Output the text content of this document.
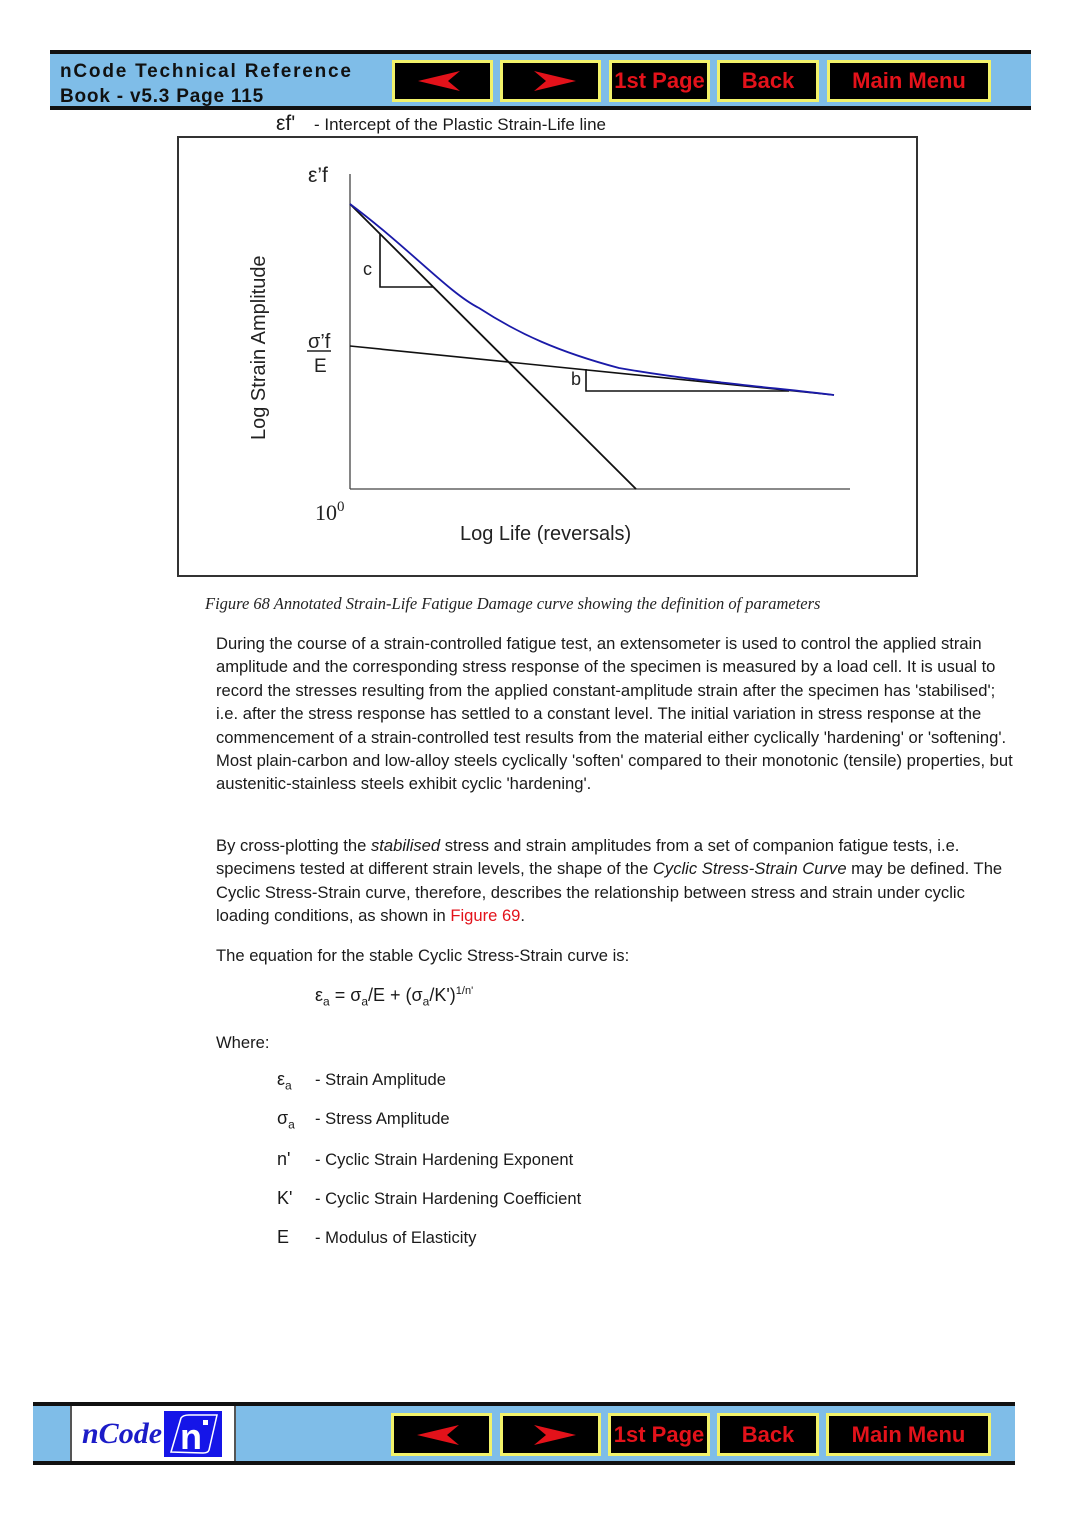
nCode Technical Reference
Book - v5.3 Page 115
1st Page	Back	Main Menu
εf' - Intercept of the Plastic Strain-Life line
ε’f
σ’f
E
c
b
$10^0$
Log Life (reversals)
Log Strain Amplitude
Figure 68 Annotated Strain-Life Fatigue Damage curve showing the definition of parameters
During the course of a strain-controlled fatigue test, an extensometer is used to control the applied strain amplitude and the corresponding stress response of the specimen is measured by a load cell. It is usual to record the stresses resulting from the applied constant-amplitude strain after the specimen has 'stabilised'; i.e. after the stress response has settled to a constant level. The initial variation in stress response at the commencement of a strain-controlled test results from the material either cyclically 'hardening' or 'softening'. Most plain-carbon and low-alloy steels cyclically 'soften' compared to their monotonic (tensile) properties, but austenitic-stainless steels exhibit cyclic 'hardening'.
By cross-plotting the stabilised stress and strain amplitudes from a set of companion fatigue tests, i.e. specimens tested at different strain levels, the shape of the Cyclic Stress-Strain Curve may be defined. The Cyclic Stress-Strain curve, therefore, describes the relationship between stress and strain under cyclic loading conditions, as shown in Figure 69.
The equation for the stable Cyclic Stress-Strain curve is:
$\varepsilon_a = \sigma_a/E + (\sigma_a/K')^{1/n'}$
Where:
$\varepsilon_a$ - Strain Amplitude
$\sigma_a$ - Stress Amplitude
n' - Cyclic Strain Hardening Exponent
K' - Cyclic Strain Hardening Coefficient
E - Modulus of Elasticity
nCode n	1st Page	Back	Main Menu
